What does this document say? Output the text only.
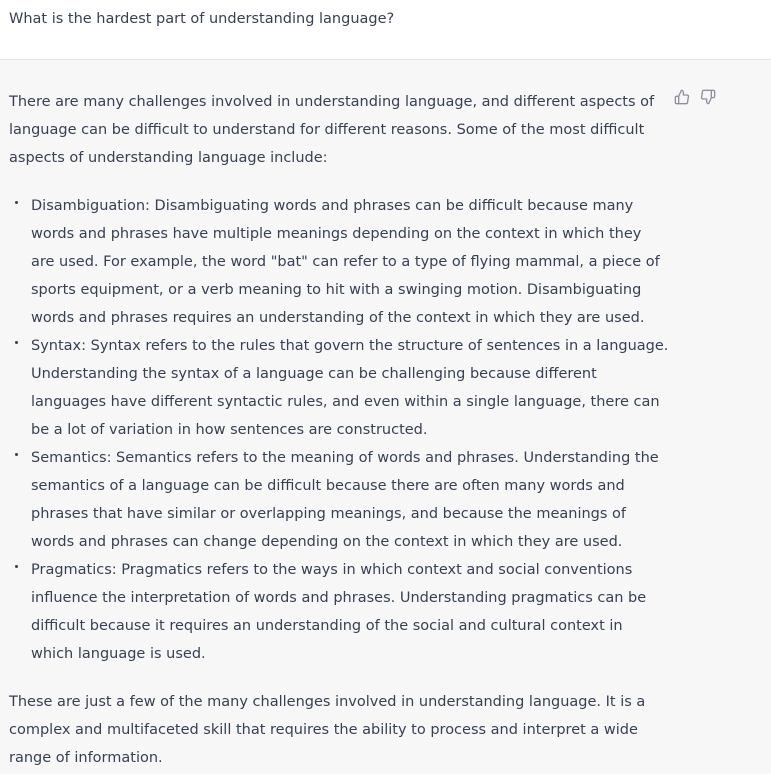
What is the hardest part of understanding language?

There are many challenges involved in understanding language, and different aspects of language can be difficult to understand for different reasons. Some of the most difficult aspects of understanding language include:

Disambiguation: Disambiguating words and phrases can be difficult because many words and phrases have multiple meanings depending on the context in which they are used. For example, the word "bat" can refer to a type of flying mammal, a piece of sports equipment, or a verb meaning to hit with a swinging motion. Disambiguating words and phrases requires an understanding of the context in which they are used.
Syntax: Syntax refers to the rules that govern the structure of sentences in a language. Understanding the syntax of a language can be challenging because different languages have different syntactic rules, and even within a single language, there can be a lot of variation in how sentences are constructed.
Semantics: Semantics refers to the meaning of words and phrases. Understanding the semantics of a language can be difficult because there are often many words and phrases that have similar or overlapping meanings, and because the meanings of words and phrases can change depending on the context in which they are used.
Pragmatics: Pragmatics refers to the ways in which context and social conventions influence the interpretation of words and phrases. Understanding pragmatics can be difficult because it requires an understanding of the social and cultural context in which language is used.

These are just a few of the many challenges involved in understanding language. It is a complex and multifaceted skill that requires the ability to process and interpret a wide range of information.
